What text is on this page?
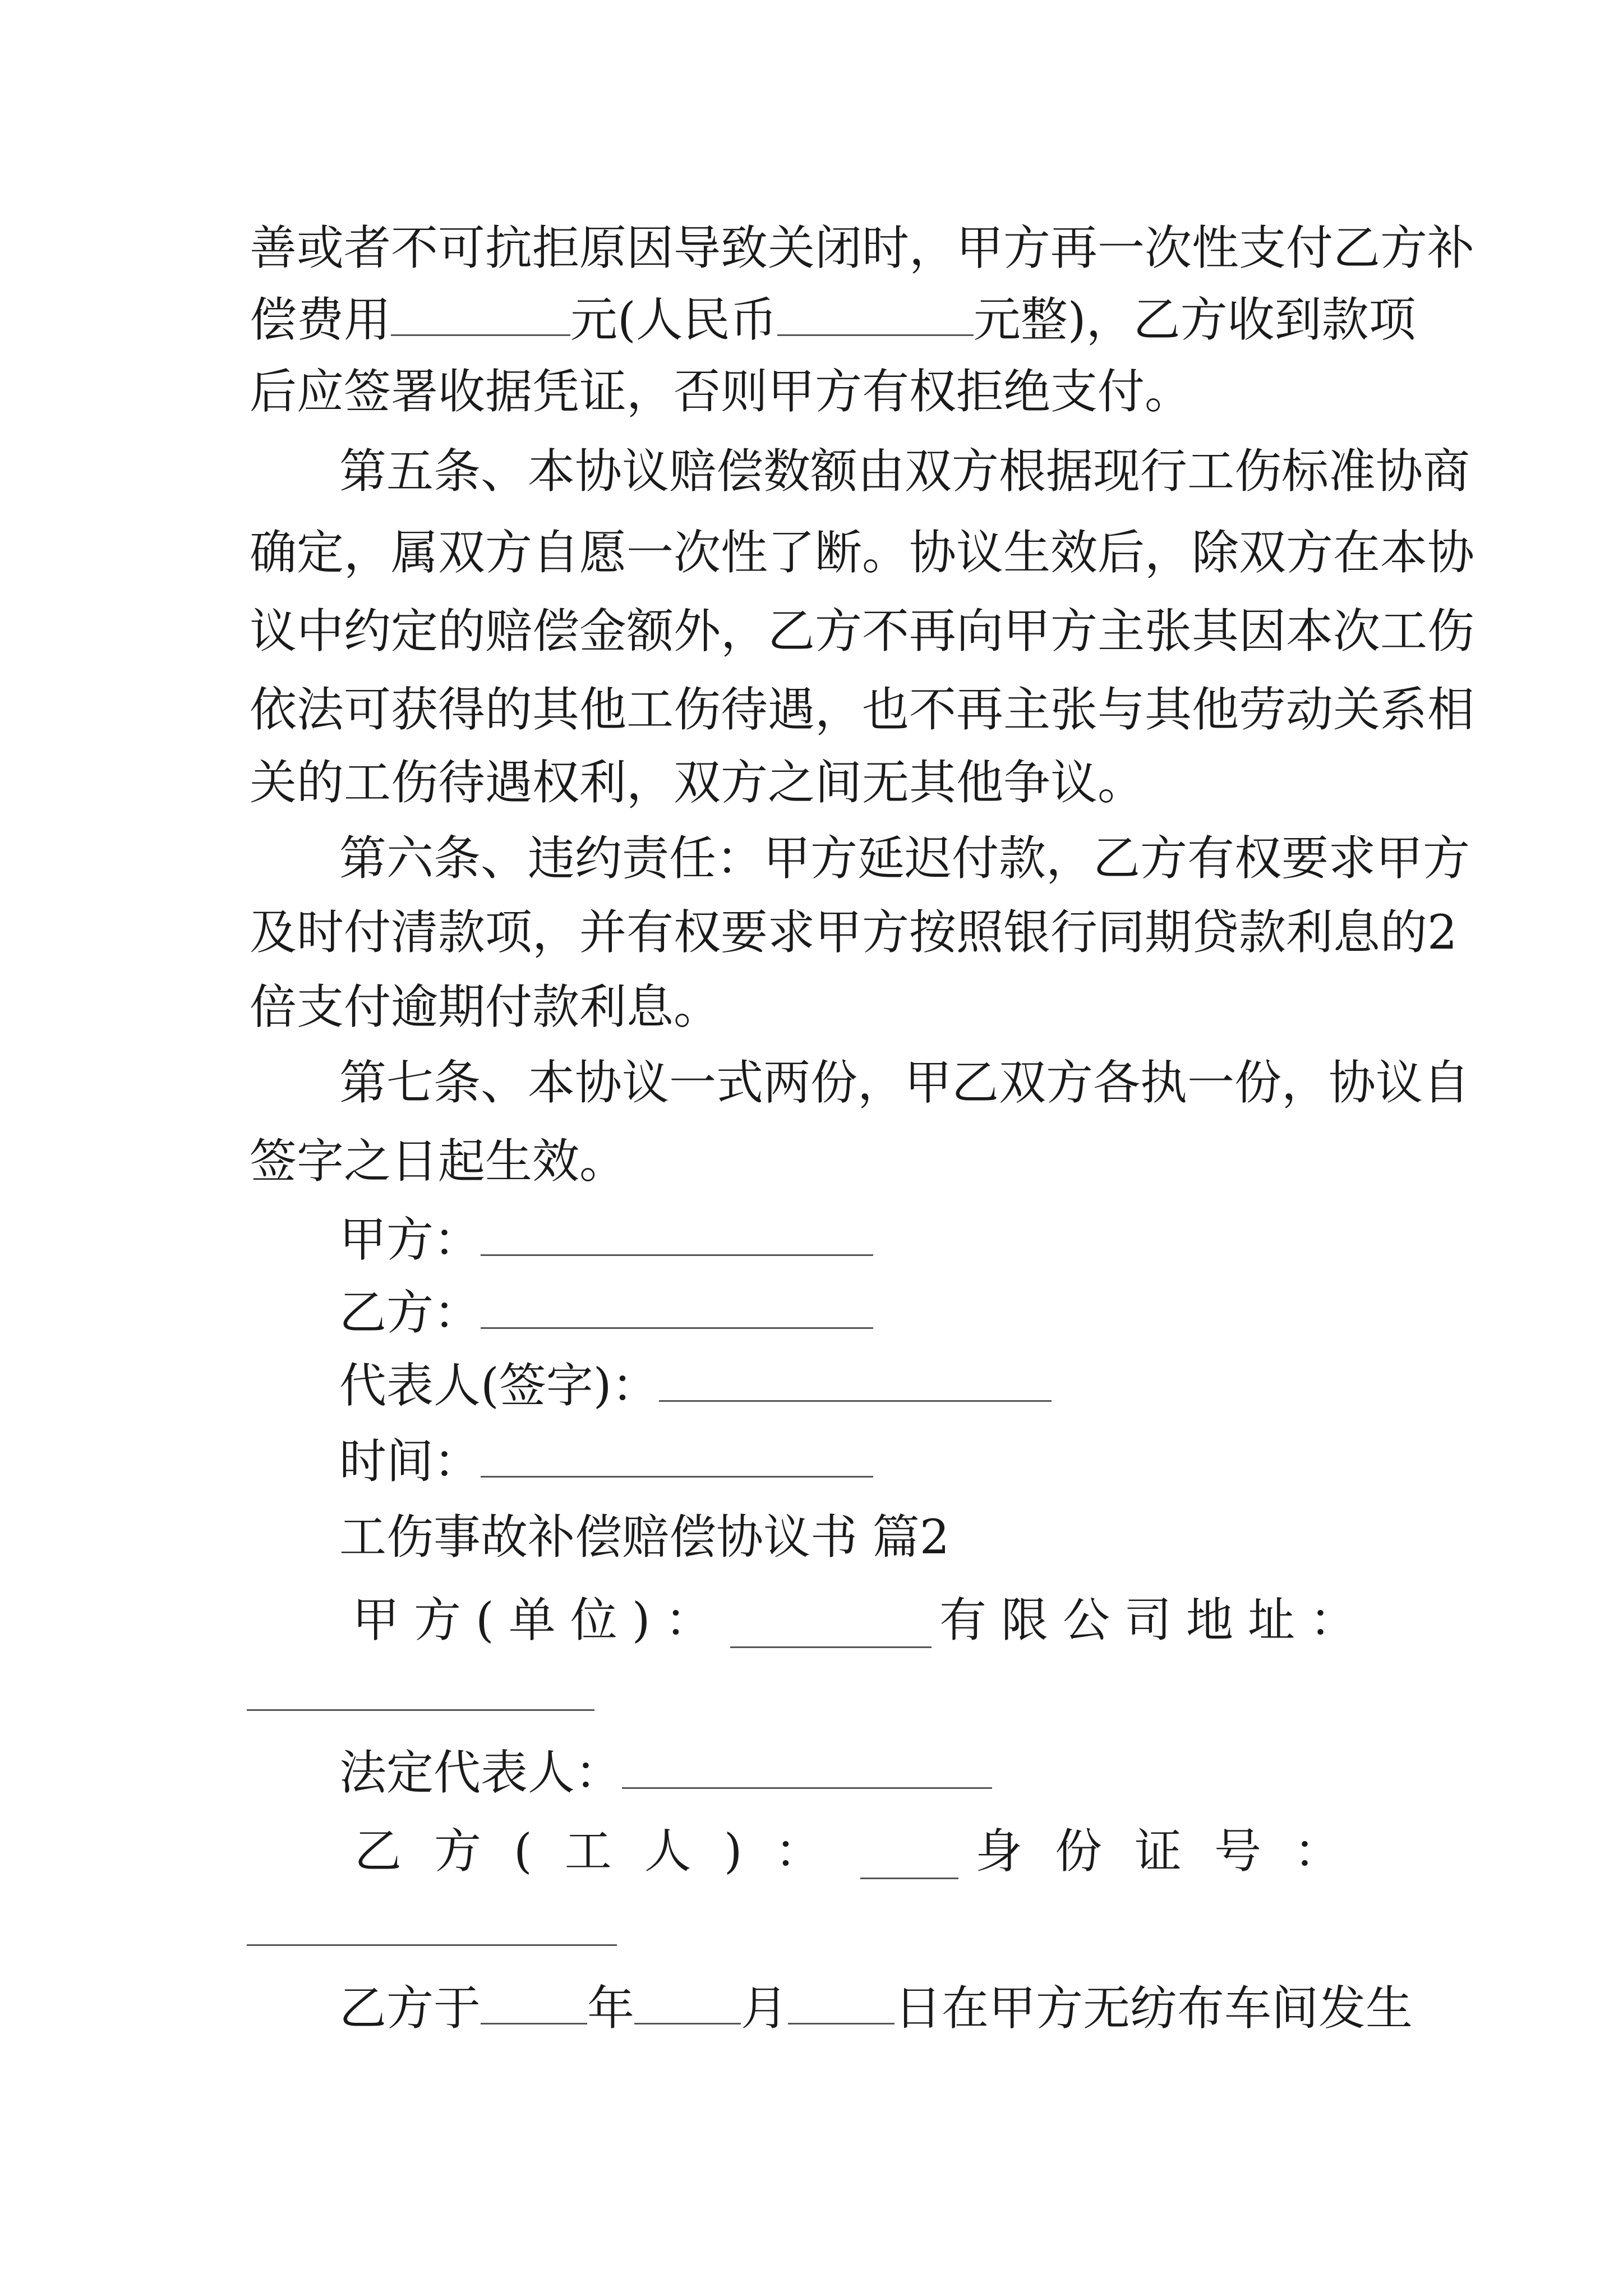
善或者不可抗拒原因导致关闭时，甲方再一次性支付乙方补
偿费用	元(人民币	元整)，乙方收到款项
后应签署收据凭证，否则甲方有权拒绝支付。
第五条、本协议赔偿数额由双方根据现行工伤标准协商
确定，属双方自愿一次性了断。协议生效后，除双方在本协
议中约定的赔偿金额外，乙方不再向甲方主张其因本次工伤
依法可获得的其他工伤待遇，也不再主张与其他劳动关系相
关的工伤待遇权利，双方之间无其他争议。
第六条、违约责任：甲方延迟付款，乙方有权要求甲方
及时付清款项，并有权要求甲方按照银行同期贷款利息的2
倍支付逾期付款利息。
第七条、本协议一式两份，甲乙双方各执一份，协议自
签字之日起生效。
甲方：
乙方：
代表人(签字)：
时间：
工伤事故补偿赔偿协议书 篇2
甲方(单位)：	有限公司地址：
法定代表人：
乙方(工人)：	身份证号：
乙方于 年 月 日在甲方无纺布车间发生
